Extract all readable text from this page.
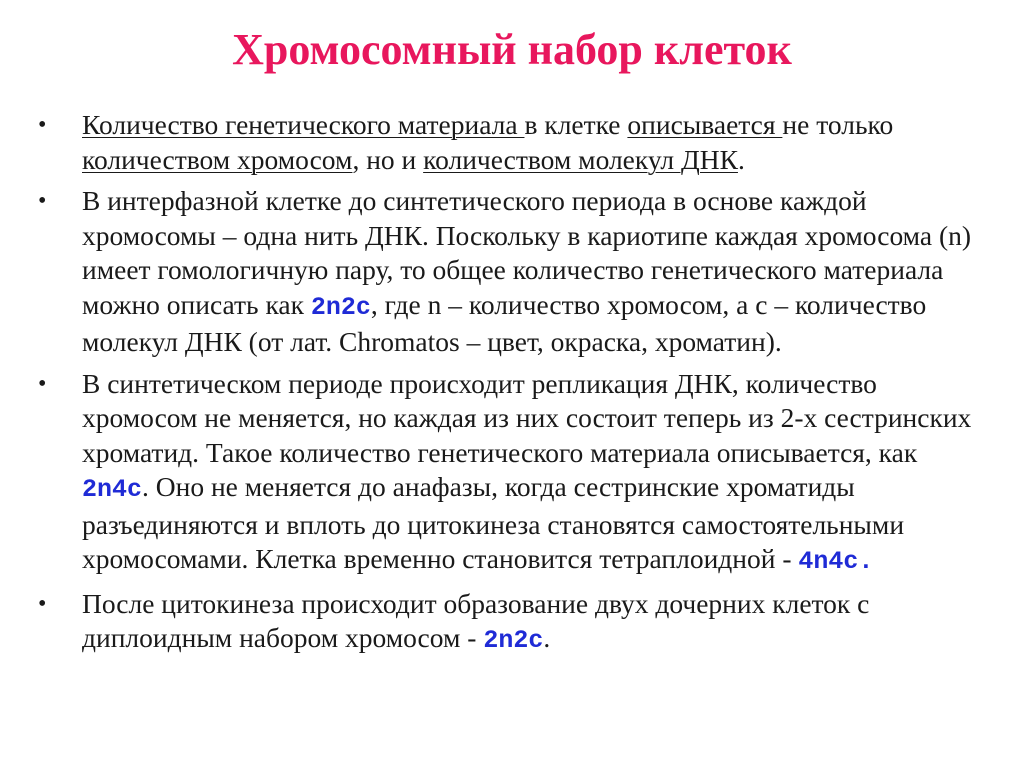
Хромосомный набор клеток
• Количество генетического материала в клетке описывается не только количеством хромосом, но и количеством молекул ДНК.
• В интерфазной клетке до синтетического периода в основе каждой хромосомы – одна нить ДНК. Поскольку в кариотипе каждая хромосома (n) имеет гомологичную пару, то общее количество генетического материала можно описать как 2n2c, где n – количество хромосом, а с – количество молекул ДНК (от лат. Chromatos – цвет, окраска, хроматин).
• В синтетическом периоде происходит репликация ДНК, количество хромосом не меняется, но каждая из них состоит теперь из 2-х сестринских хроматид. Такое количество генетического материала описывается, как 2n4c. Оно не меняется до анафазы, когда сестринские хроматиды разъединяются и вплоть до цитокинеза становятся самостоятельными хромосомами. Клетка временно становится тетраплоидной - 4n4c.
• После цитокинеза происходит образование двух дочерних клеток с диплоидным набором хромосом - 2n2c.
